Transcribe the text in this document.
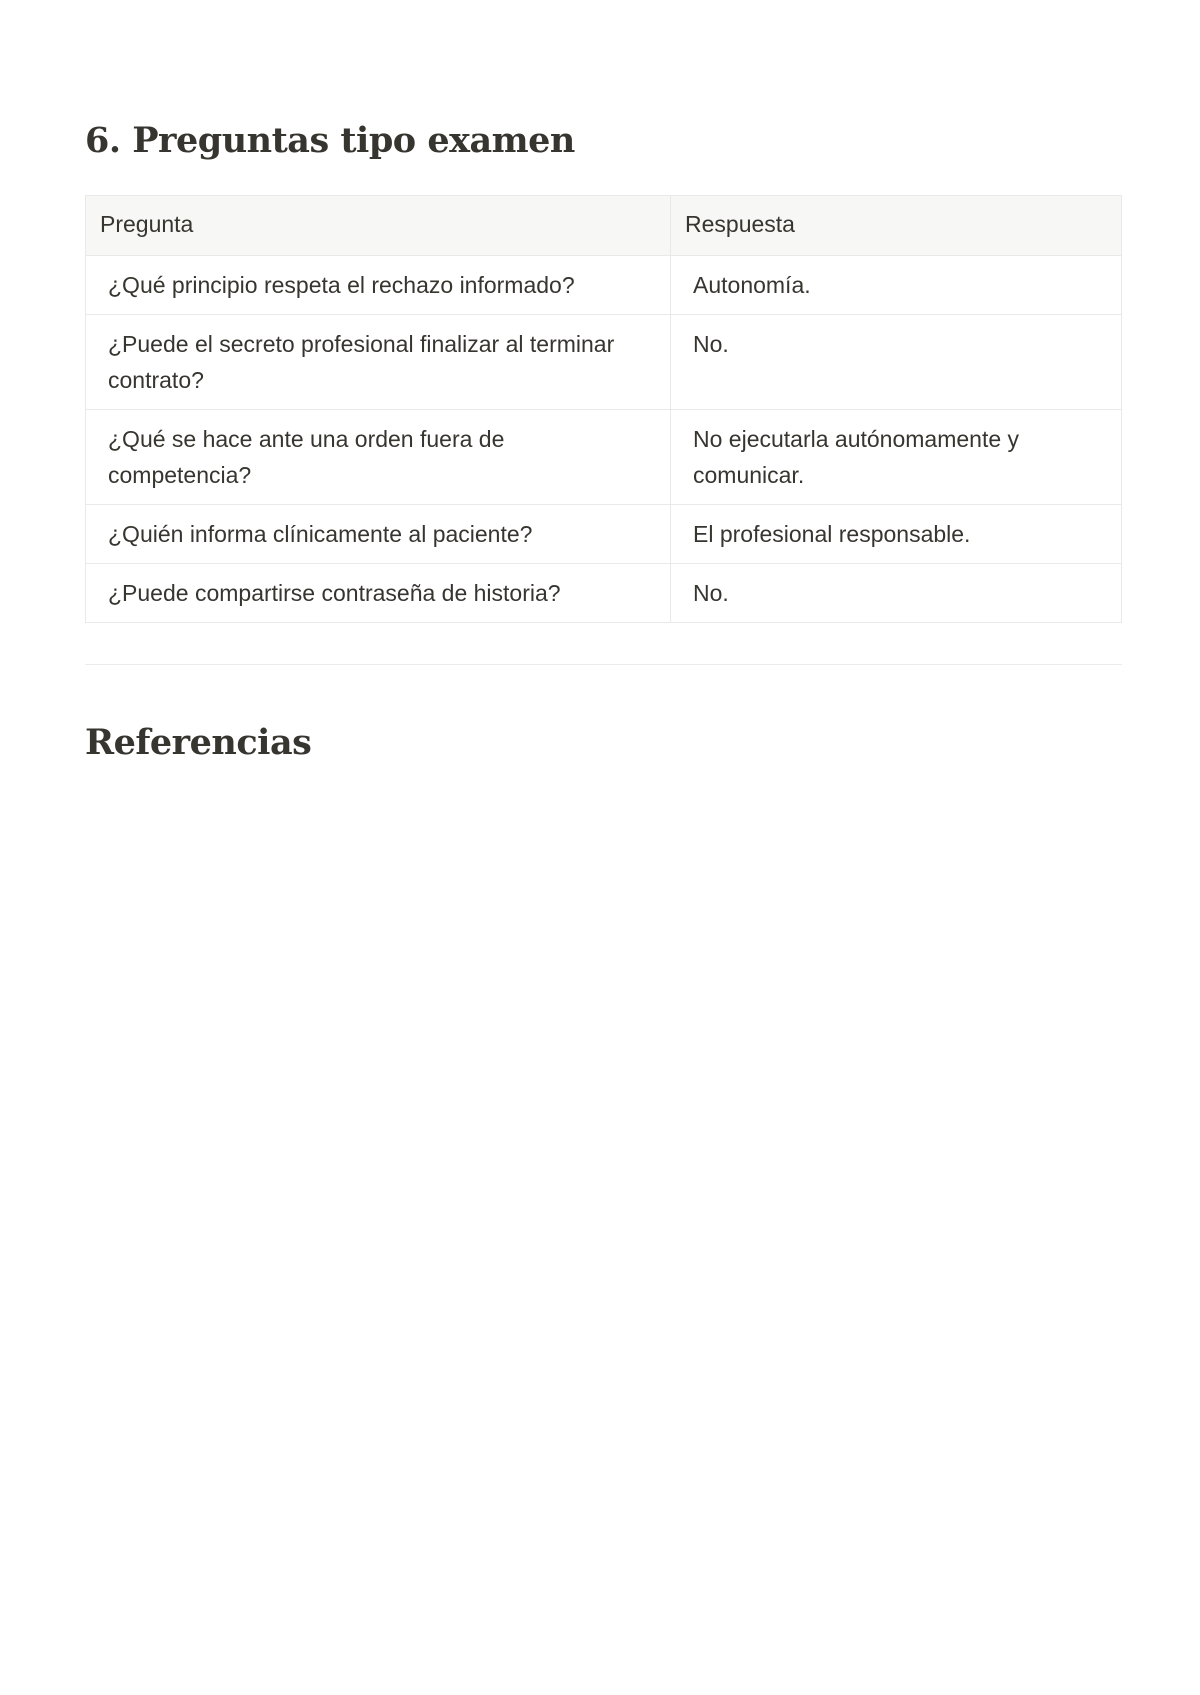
6. Preguntas tipo examen
Pregunta	Respuesta
¿Qué principio respeta el rechazo informado?	Autonomía.
¿Puede el secreto profesional finalizar al terminar contrato?	No.
¿Qué se hace ante una orden fuera de competencia?	No ejecutarla autónomamente y comunicar.
¿Quién informa clínicamente al paciente?	El profesional responsable.
¿Puede compartirse contraseña de historia?	No.
Referencias
